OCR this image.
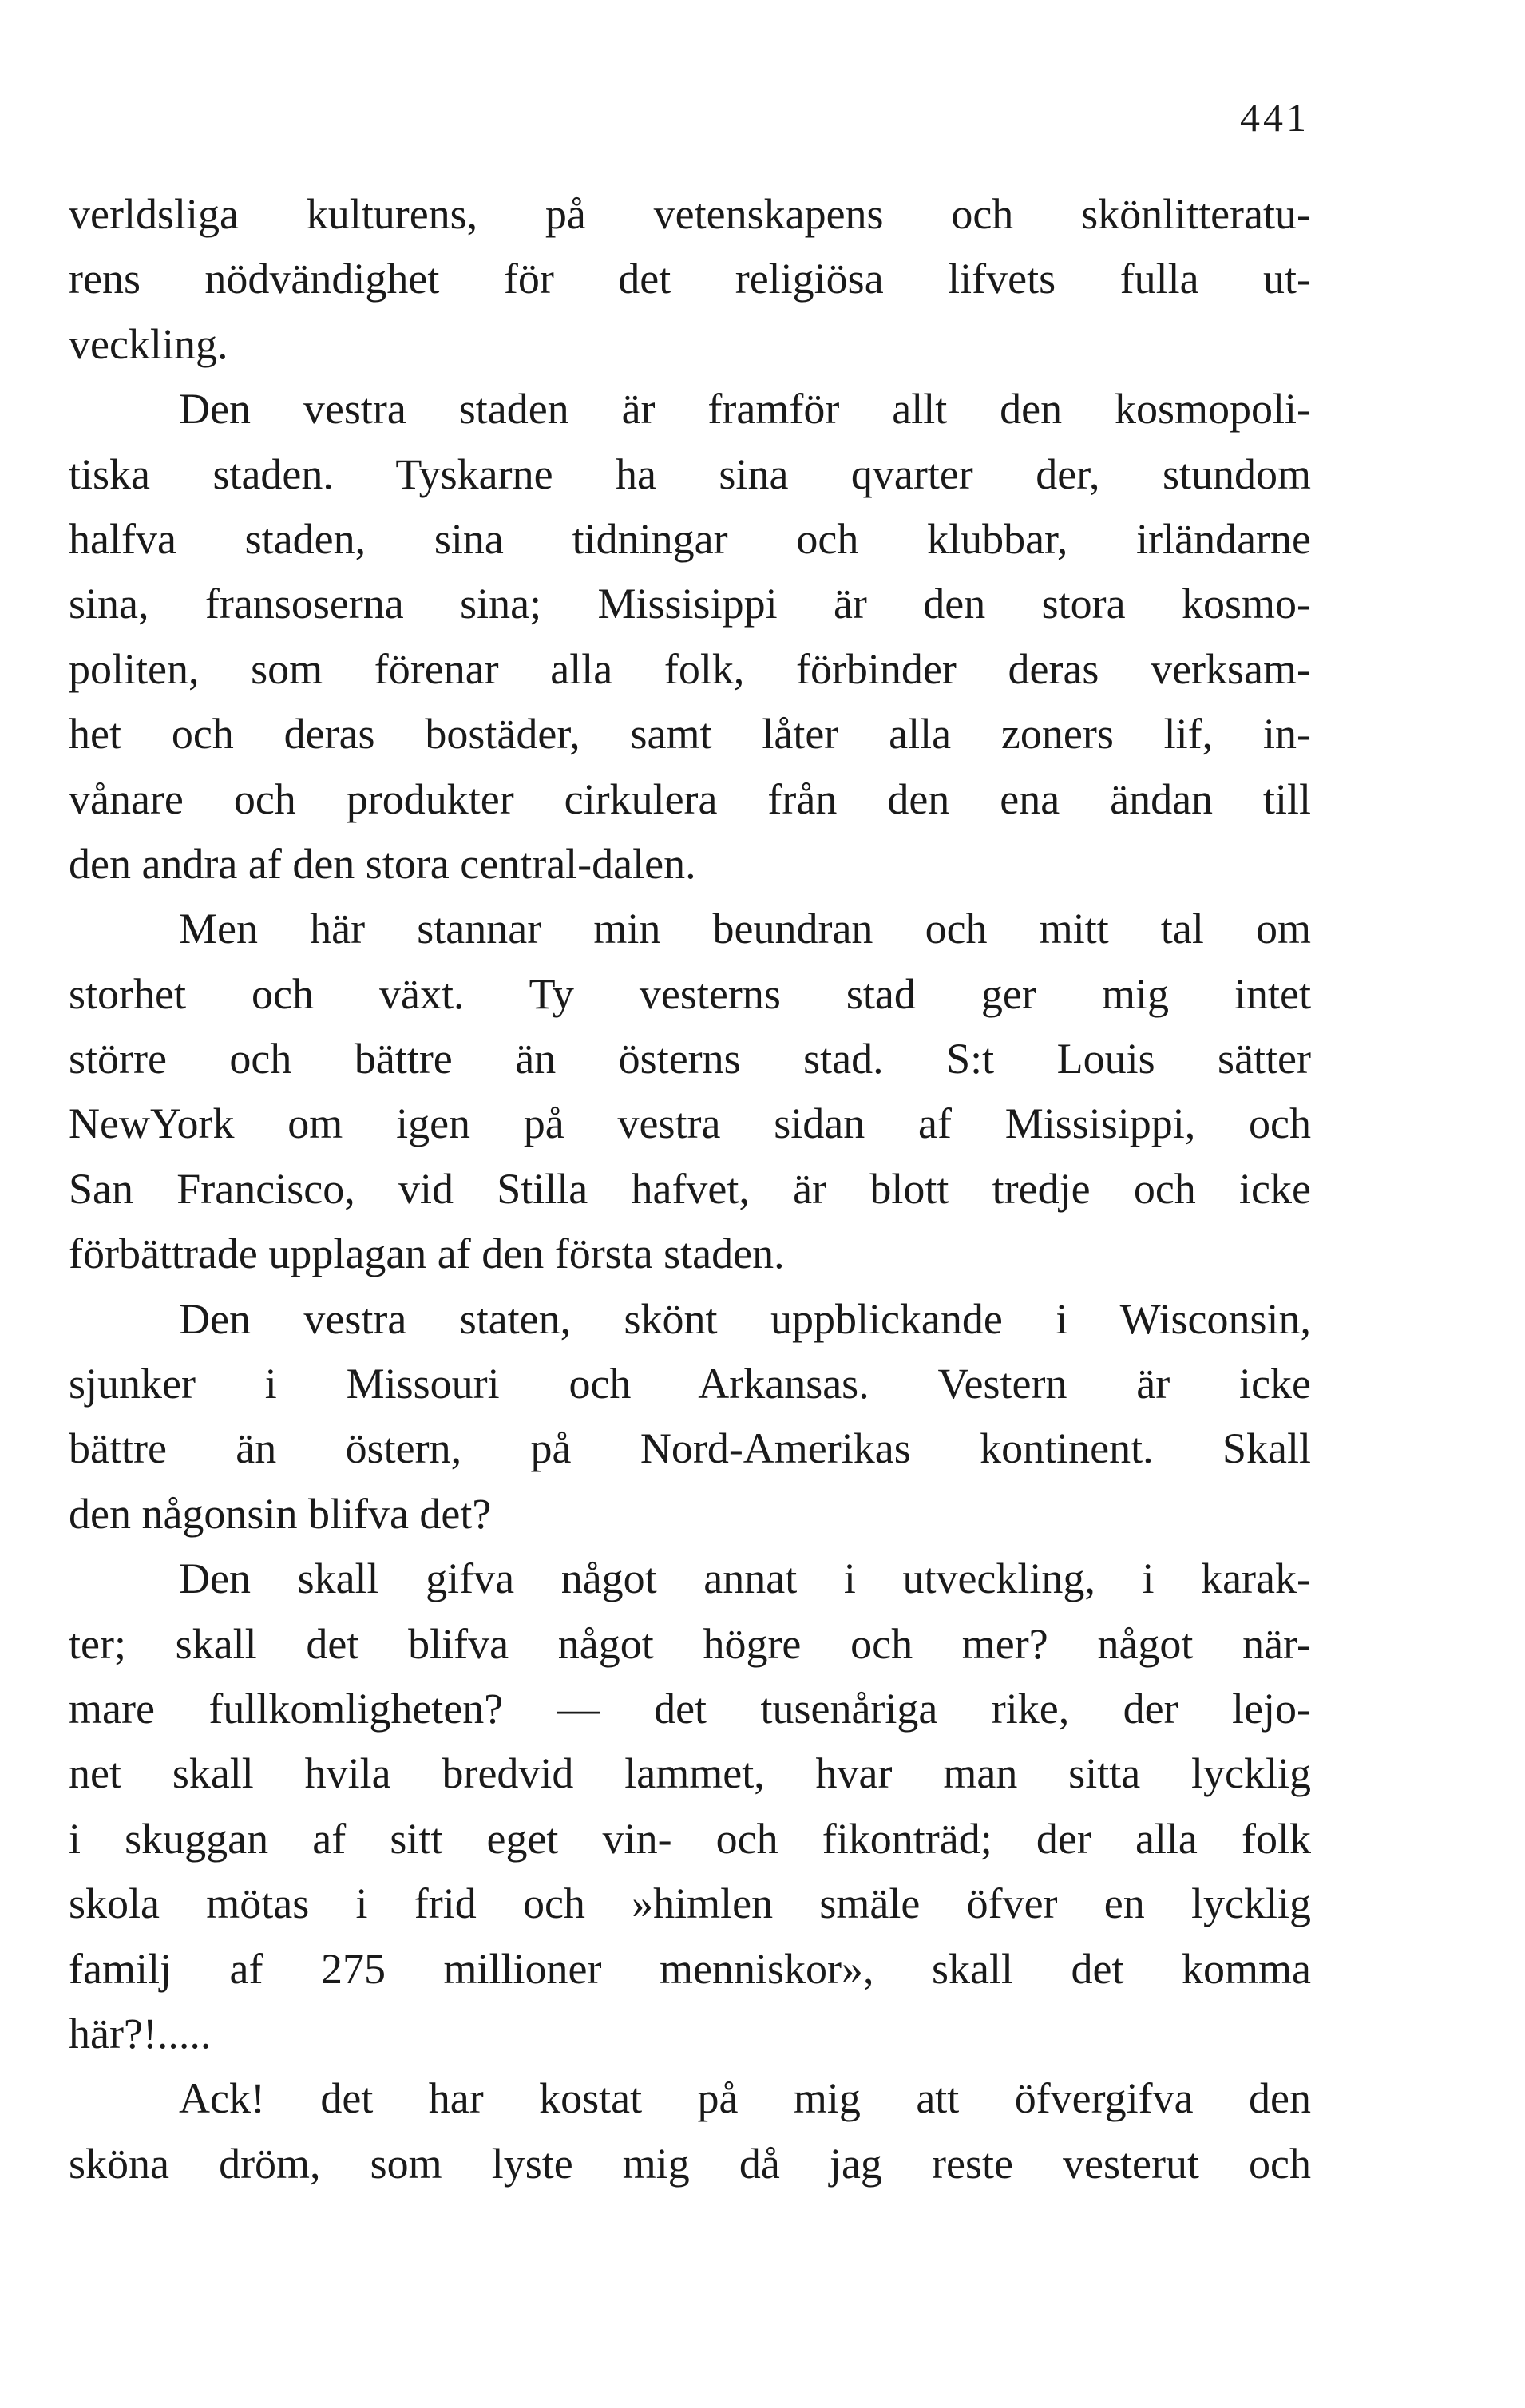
441
verldsliga kulturens, på vetenskapens och skönlitteratu-
rens nödvändighet för det religiösa lifvets fulla ut-
veckling.
Den vestra staden är framför allt den kosmopoli-
tiska staden. Tyskarne ha sina qvarter der, stundom
halfva staden, sina tidningar och klubbar, irländarne
sina, fransoserna sina; Missisippi är den stora kosmo-
politen, som förenar alla folk, förbinder deras verksam-
het och deras bostäder, samt låter alla zoners lif, in-
vånare och produkter cirkulera från den ena ändan till
den andra af den stora central-dalen.
Men här stannar min beundran och mitt tal om
storhet och växt. Ty vesterns stad ger mig intet
större och bättre än österns stad. S:t Louis sätter
NewYork om igen på vestra sidan af Missisippi, och
San Francisco, vid Stilla hafvet, är blott tredje och icke
förbättrade upplagan af den första staden.
Den vestra staten, skönt uppblickande i Wisconsin,
sjunker i Missouri och Arkansas. Vestern är icke
bättre än östern, på Nord-Amerikas kontinent. Skall
den någonsin blifva det?
Den skall gifva något annat i utveckling, i karak-
ter; skall det blifva något högre och mer? något när-
mare fullkomligheten? — det tusenåriga rike, der lejo-
net skall hvila bredvid lammet, hvar man sitta lycklig
i skuggan af sitt eget vin- och fikonträd; der alla folk
skola mötas i frid och »himlen smäle öfver en lycklig
familj af 275 millioner menniskor», skall det komma
här?!.....
Ack! det har kostat på mig att öfvergifva den
sköna dröm, som lyste mig då jag reste vesterut och
